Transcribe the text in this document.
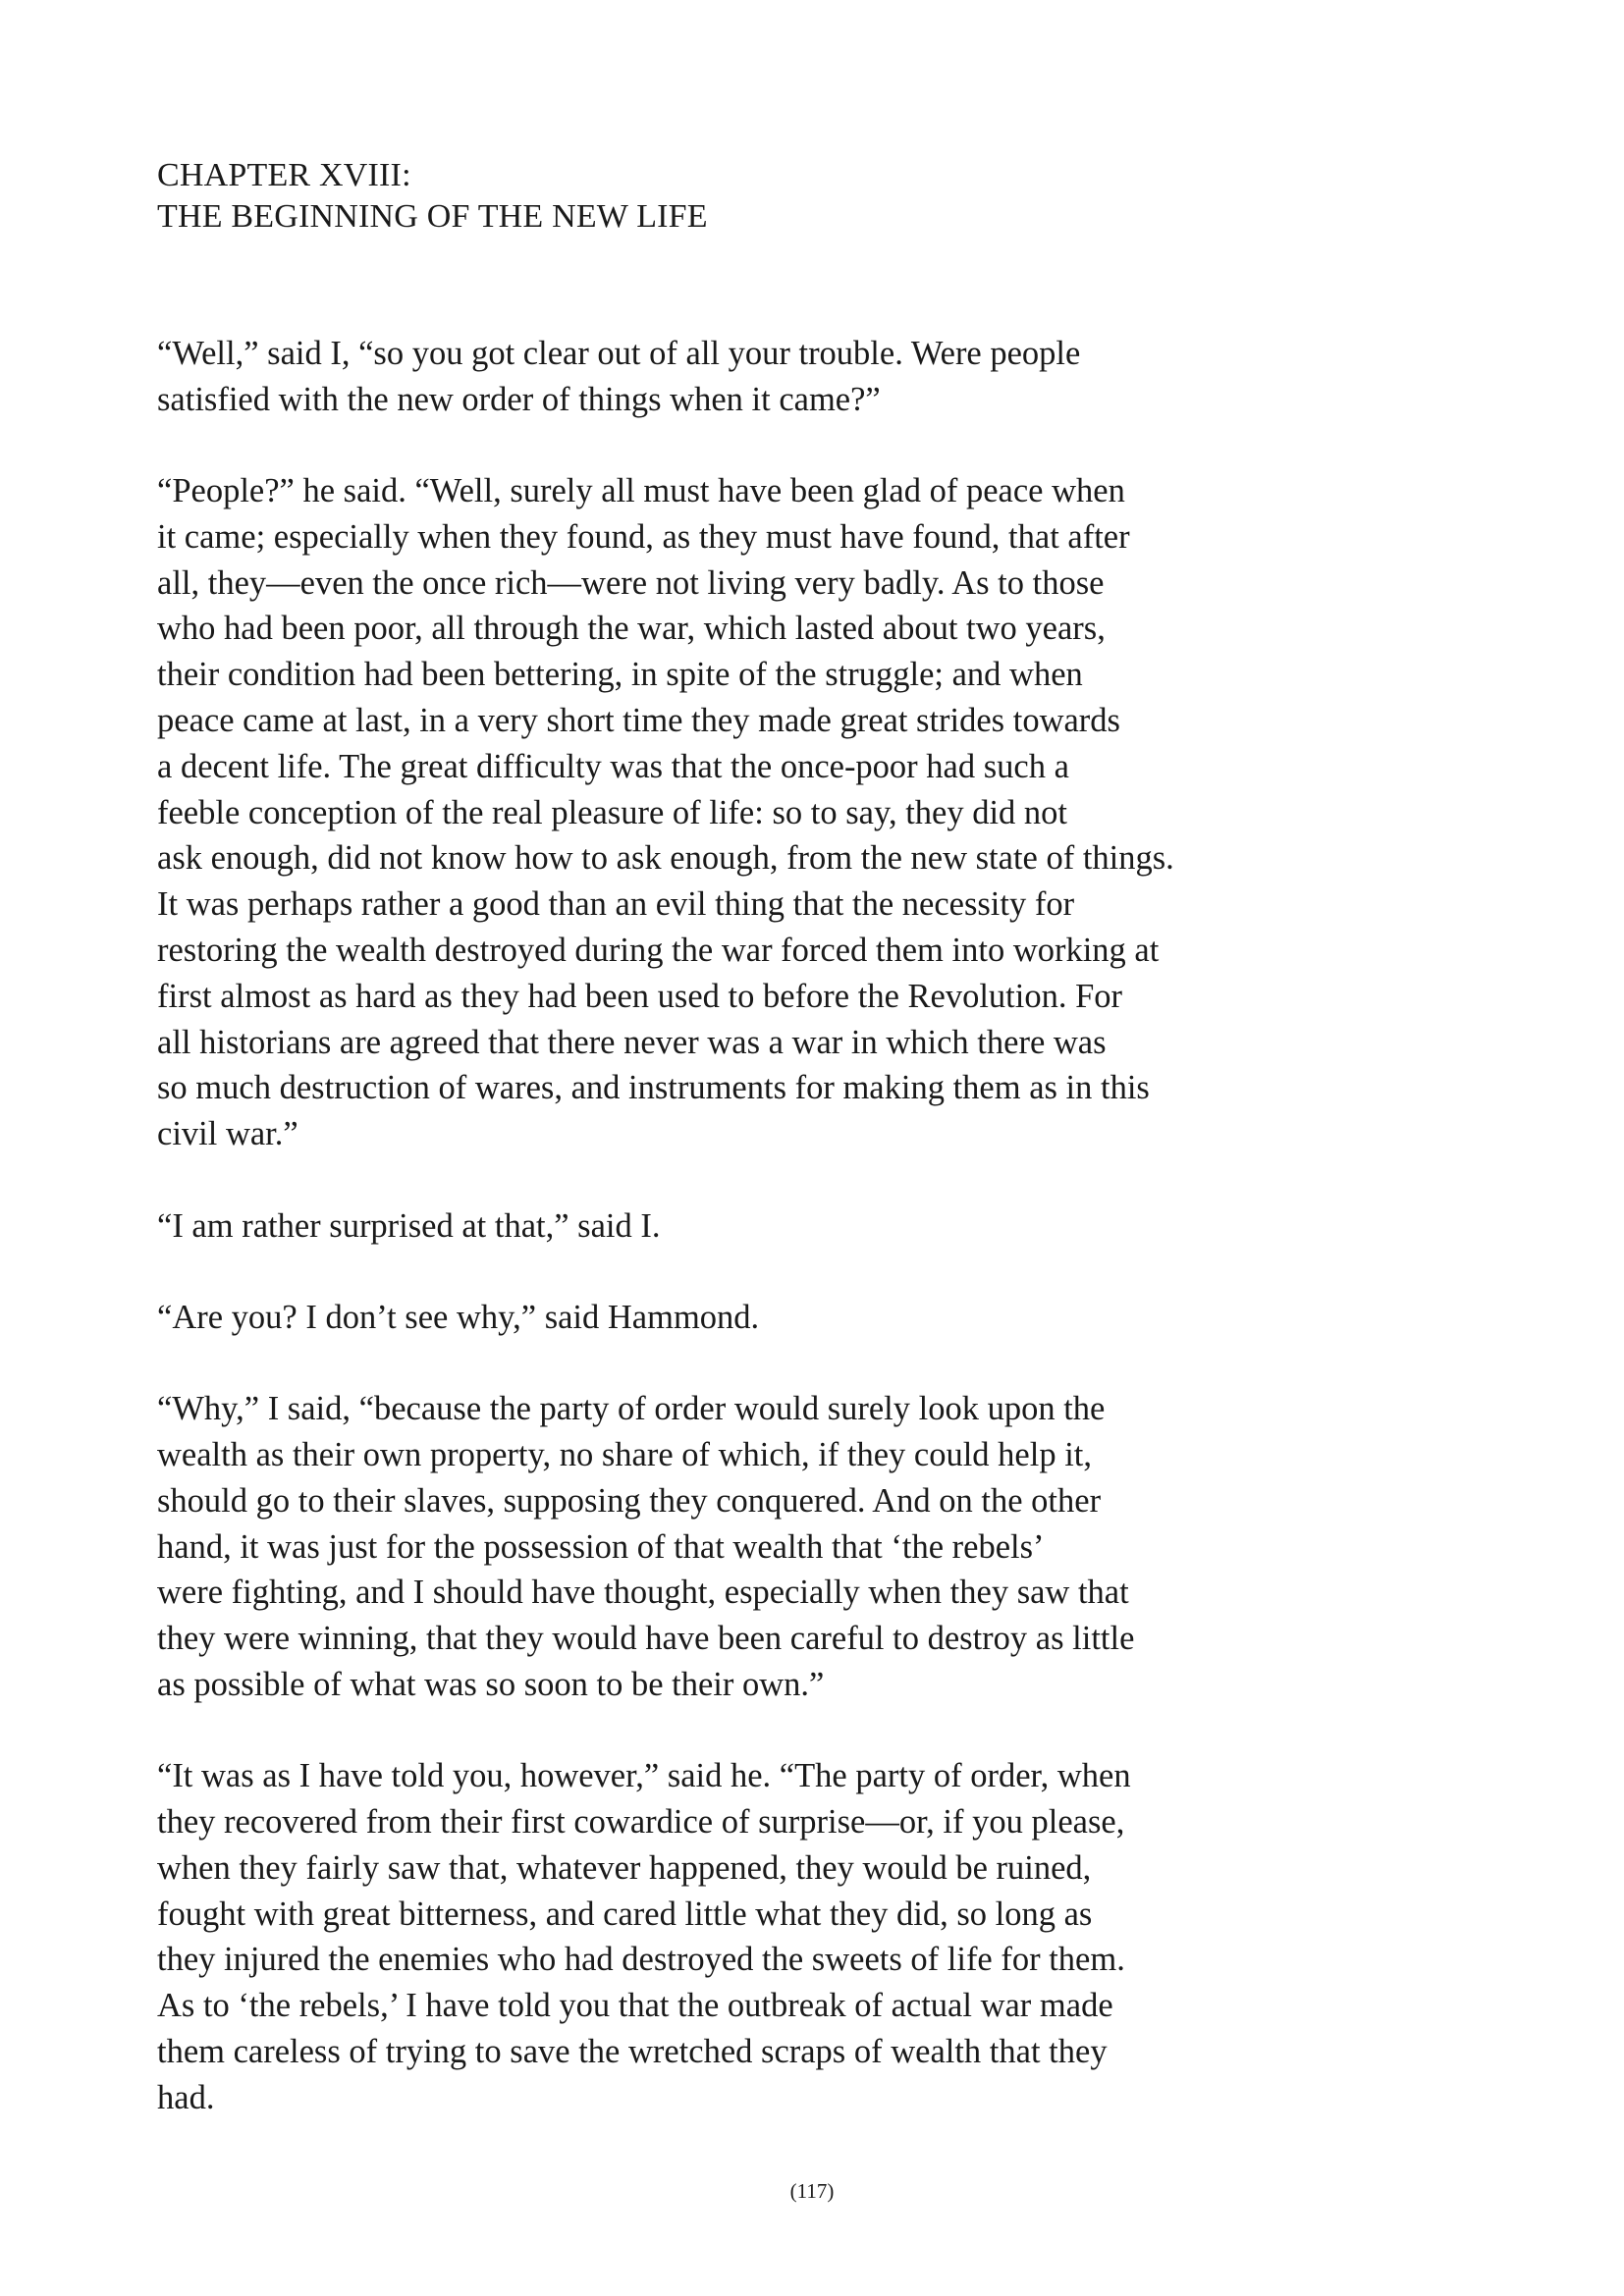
CHAPTER XVIII:
THE BEGINNING OF THE NEW LIFE

“Well,” said I, “so you got clear out of all your trouble. Were people
satisfied with the new order of things when it came?”

“People?” he said. “Well, surely all must have been glad of peace when
it came; especially when they found, as they must have found, that after
all, they—even the once rich—were not living very badly. As to those
who had been poor, all through the war, which lasted about two years,
their condition had been bettering, in spite of the struggle; and when
peace came at last, in a very short time they made great strides towards
a decent life. The great difficulty was that the once-poor had such a
feeble conception of the real pleasure of life: so to say, they did not
ask enough, did not know how to ask enough, from the new state of things.
It was perhaps rather a good than an evil thing that the necessity for
restoring the wealth destroyed during the war forced them into working at
first almost as hard as they had been used to before the Revolution. For
all historians are agreed that there never was a war in which there was
so much destruction of wares, and instruments for making them as in this
civil war.”

“I am rather surprised at that,” said I.

“Are you? I don’t see why,” said Hammond.

“Why,” I said, “because the party of order would surely look upon the
wealth as their own property, no share of which, if they could help it,
should go to their slaves, supposing they conquered. And on the other
hand, it was just for the possession of that wealth that ‘the rebels’
were fighting, and I should have thought, especially when they saw that
they were winning, that they would have been careful to destroy as little
as possible of what was so soon to be their own.”

“It was as I have told you, however,” said he. “The party of order, when
they recovered from their first cowardice of surprise—or, if you please,
when they fairly saw that, whatever happened, they would be ruined,
fought with great bitterness, and cared little what they did, so long as
they injured the enemies who had destroyed the sweets of life for them.
As to ‘the rebels,’ I have told you that the outbreak of actual war made
them careless of trying to save the wretched scraps of wealth that they
had.

(117)
